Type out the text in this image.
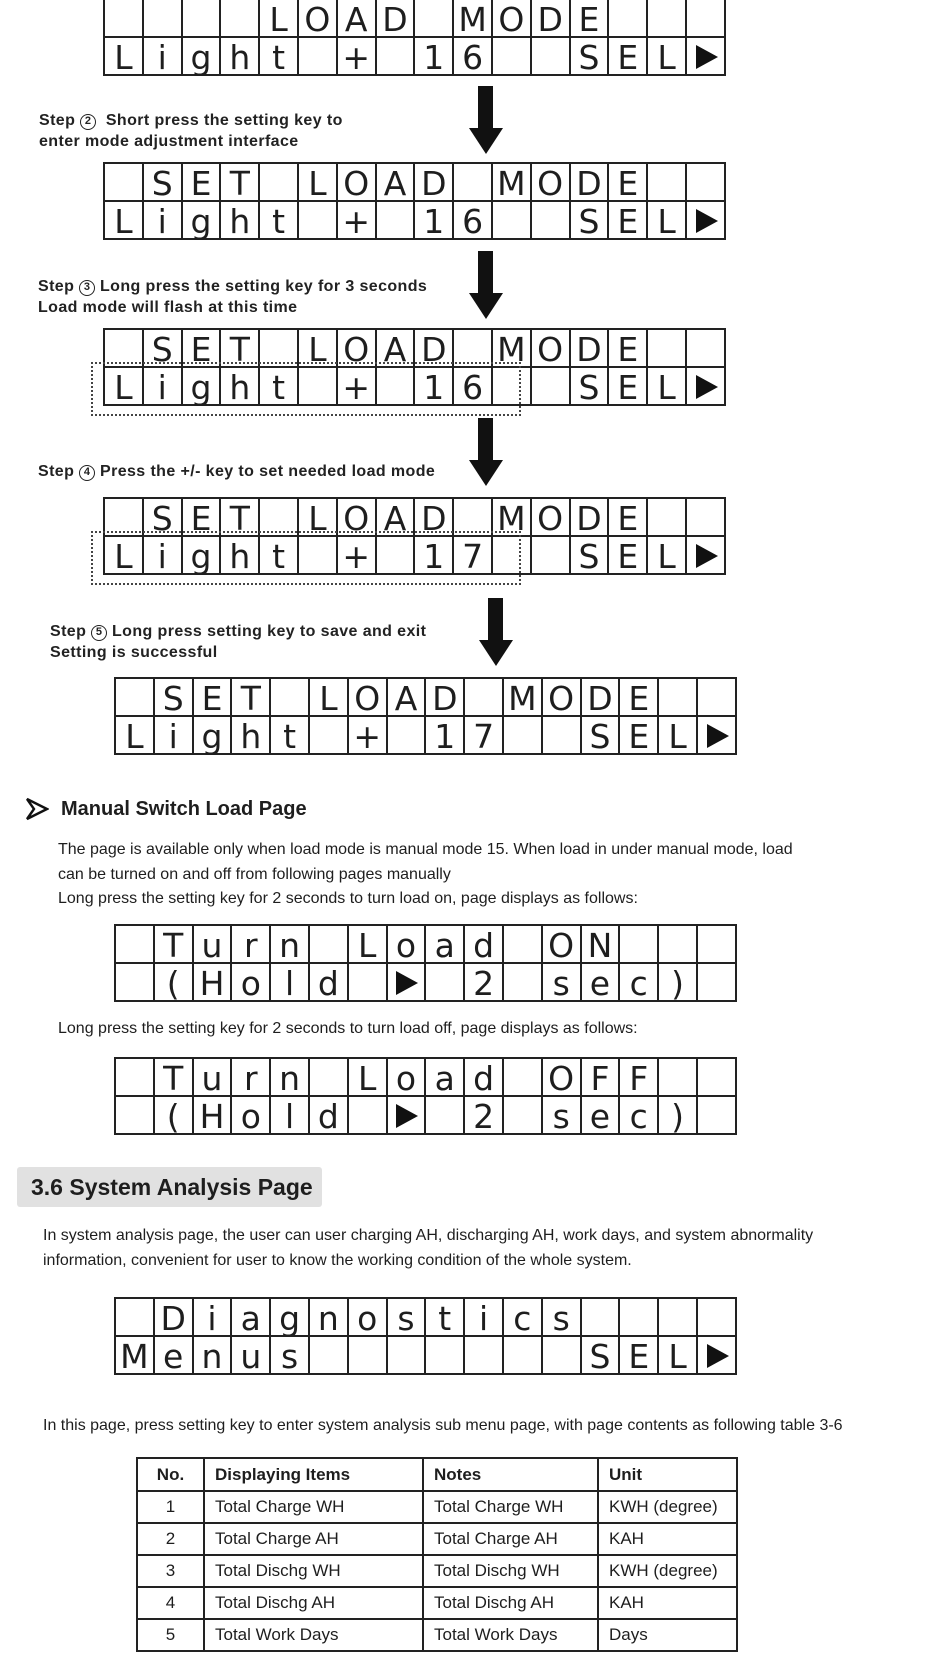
L O A D M O D E
L i g h t	+ 1 6	S E L
Step 2 Short press the setting key to
enter mode adjustment interface
S E T	L O A D M O D E
L i g h t	+ 1 6	S E L
Step 3 Long press the setting key for 3 seconds
Load mode will flash at this time
S E T	L O A D M O D E
L i g h t	+ 1 6	S E L
Step 4 Press the +/- key to set needed load mode
S E T	L O A D M O D E
L i g h t	+ 1 7	S E L
Step 5 Long press setting key to save and exit
Setting is successful
S E T	L O A D M O D E
L i g h t	+ 1 7	S E L
Manual Switch Load Page
The page is available only when load mode is manual mode 15. When load in under manual mode, load
can be turned on and off from following pages manually
Long press the setting key for 2 seconds to turn load on, page displays as follows:
T u r n	L o a d	O N
( H o l d	2	s e c )
Long press the setting key for 2 seconds to turn load off, page displays as follows:
T u r n	L o a d	O F F
( H o l d	2	s e c )
3.6 System Analysis Page
In system analysis page, the user can user charging AH, discharging AH, work days, and system abnormality
information, convenient for user to know the working condition of the whole system.
D i a g n o s t i c s
M e n u s	S E L
In this page, press setting key to enter system analysis sub menu page, with page contents as following table 3-6
No.	Displaying Items	Notes	Unit
1	Total Charge WH	Total Charge WH	KWH (degree)
2	Total Charge AH	Total Charge AH	KAH
3	Total Dischg WH	Total Dischg WH	KWH (degree)
4	Total Dischg AH	Total Dischg AH	KAH
5	Total Work Days	Total Work Days	Days
